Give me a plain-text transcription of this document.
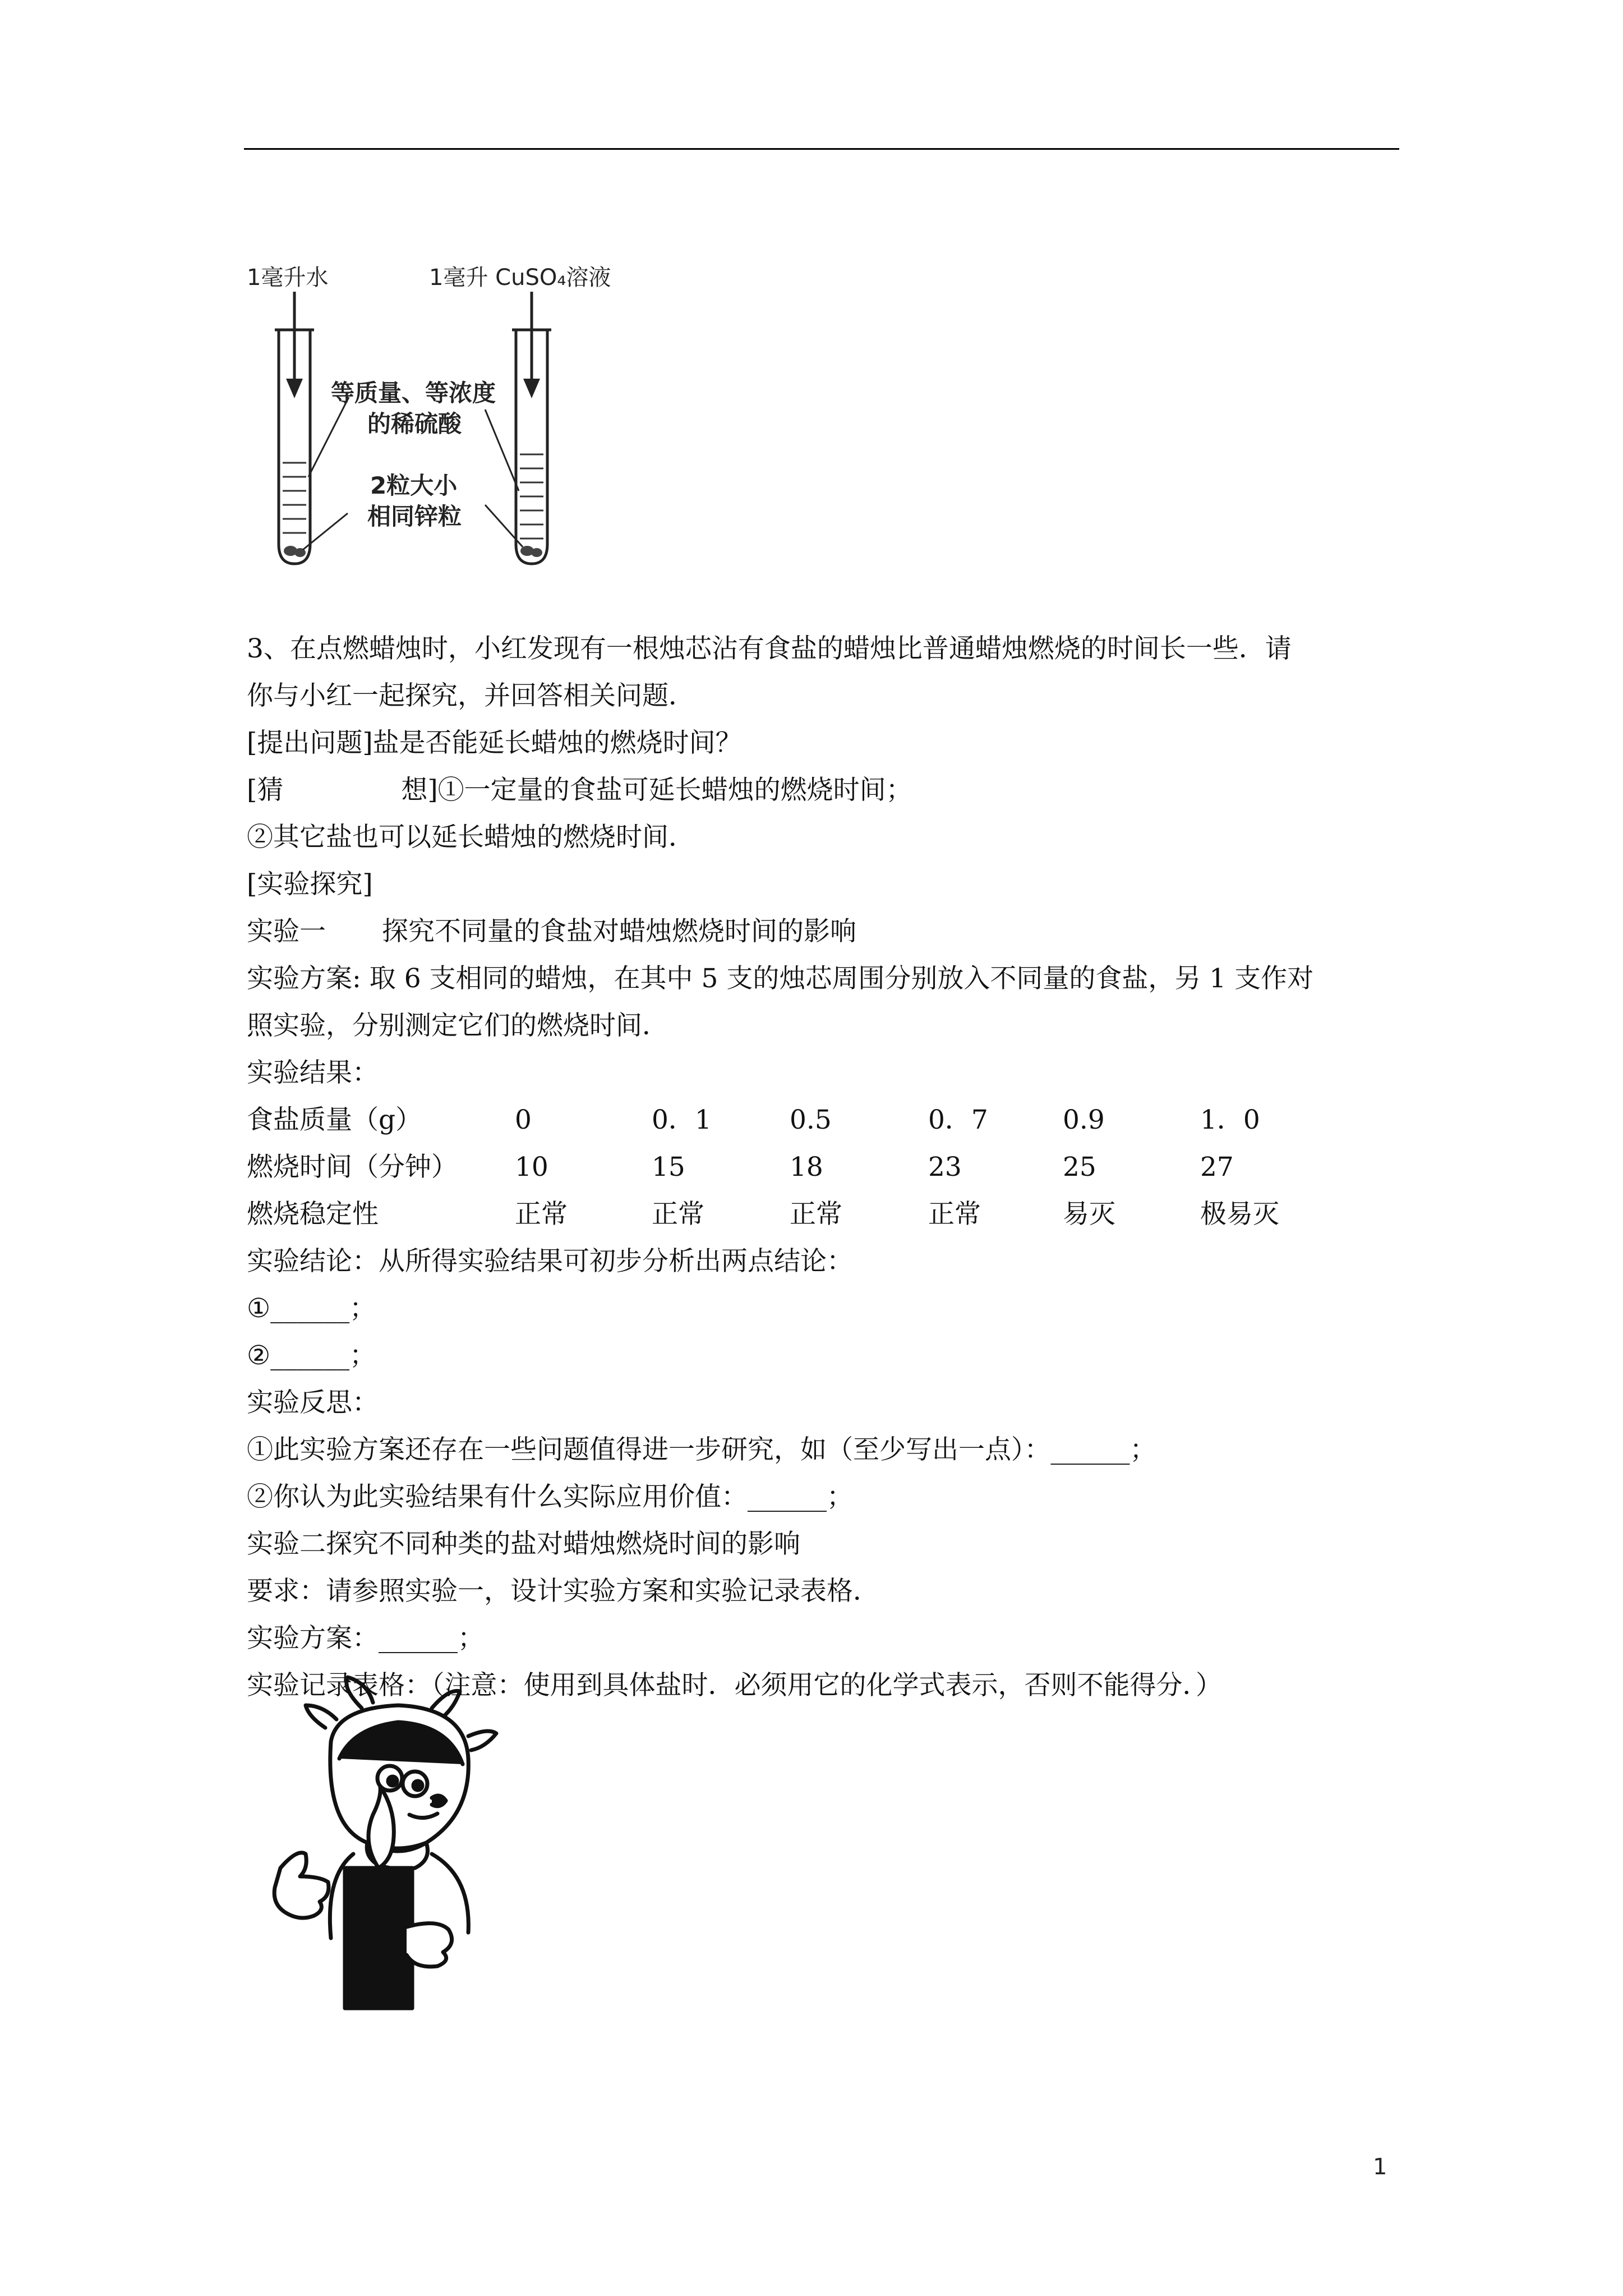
1毫升水	1毫升 CuSO₄溶液
等质量、等浓度
的稀硫酸
2粒大小
相同锌粒
3、在点燃蜡烛时，小红发现有一根烛芯沾有食盐的蜡烛比普通蜡烛燃烧的时间长一些．请
你与小红一起探究，并回答相关问题．
[提出问题]盐是否能延长蜡烛的燃烧时间？
[猜	想]①一定量的食盐可延长蜡烛的燃烧时间；
②其它盐也可以延长蜡烛的燃烧时间．
[实验探究]
实验一 探究不同量的食盐对蜡烛燃烧时间的影响
实验方案: 取 6 支相同的蜡烛，在其中 5 支的烛芯周围分别放入不同量的食盐，另 1 支作对
照实验，分别测定它们的燃烧时间．
实验结果：
食盐质量（g）	0	0．1	0.5	0．7	0.9	1．0
燃烧时间（分钟） 10	15	18	23	25	27
燃烧稳定性	正常	正常	正常	正常	易灭	极易灭
实验结论：从所得实验结果可初步分析出两点结论：
①______；
②______；
实验反思：
①此实验方案还存在一些问题值得进一步研究，如（至少写出一点）：______；
②你认为此实验结果有什么实际应用价值：______；
实验二探究不同种类的盐对蜡烛燃烧时间的影响
要求：请参照实验一，设计实验方案和实验记录表格．
实验方案：______；
实验记录表格：（注意：使用到具体盐时．必须用它的化学式表示，否则不能得分．）
1
